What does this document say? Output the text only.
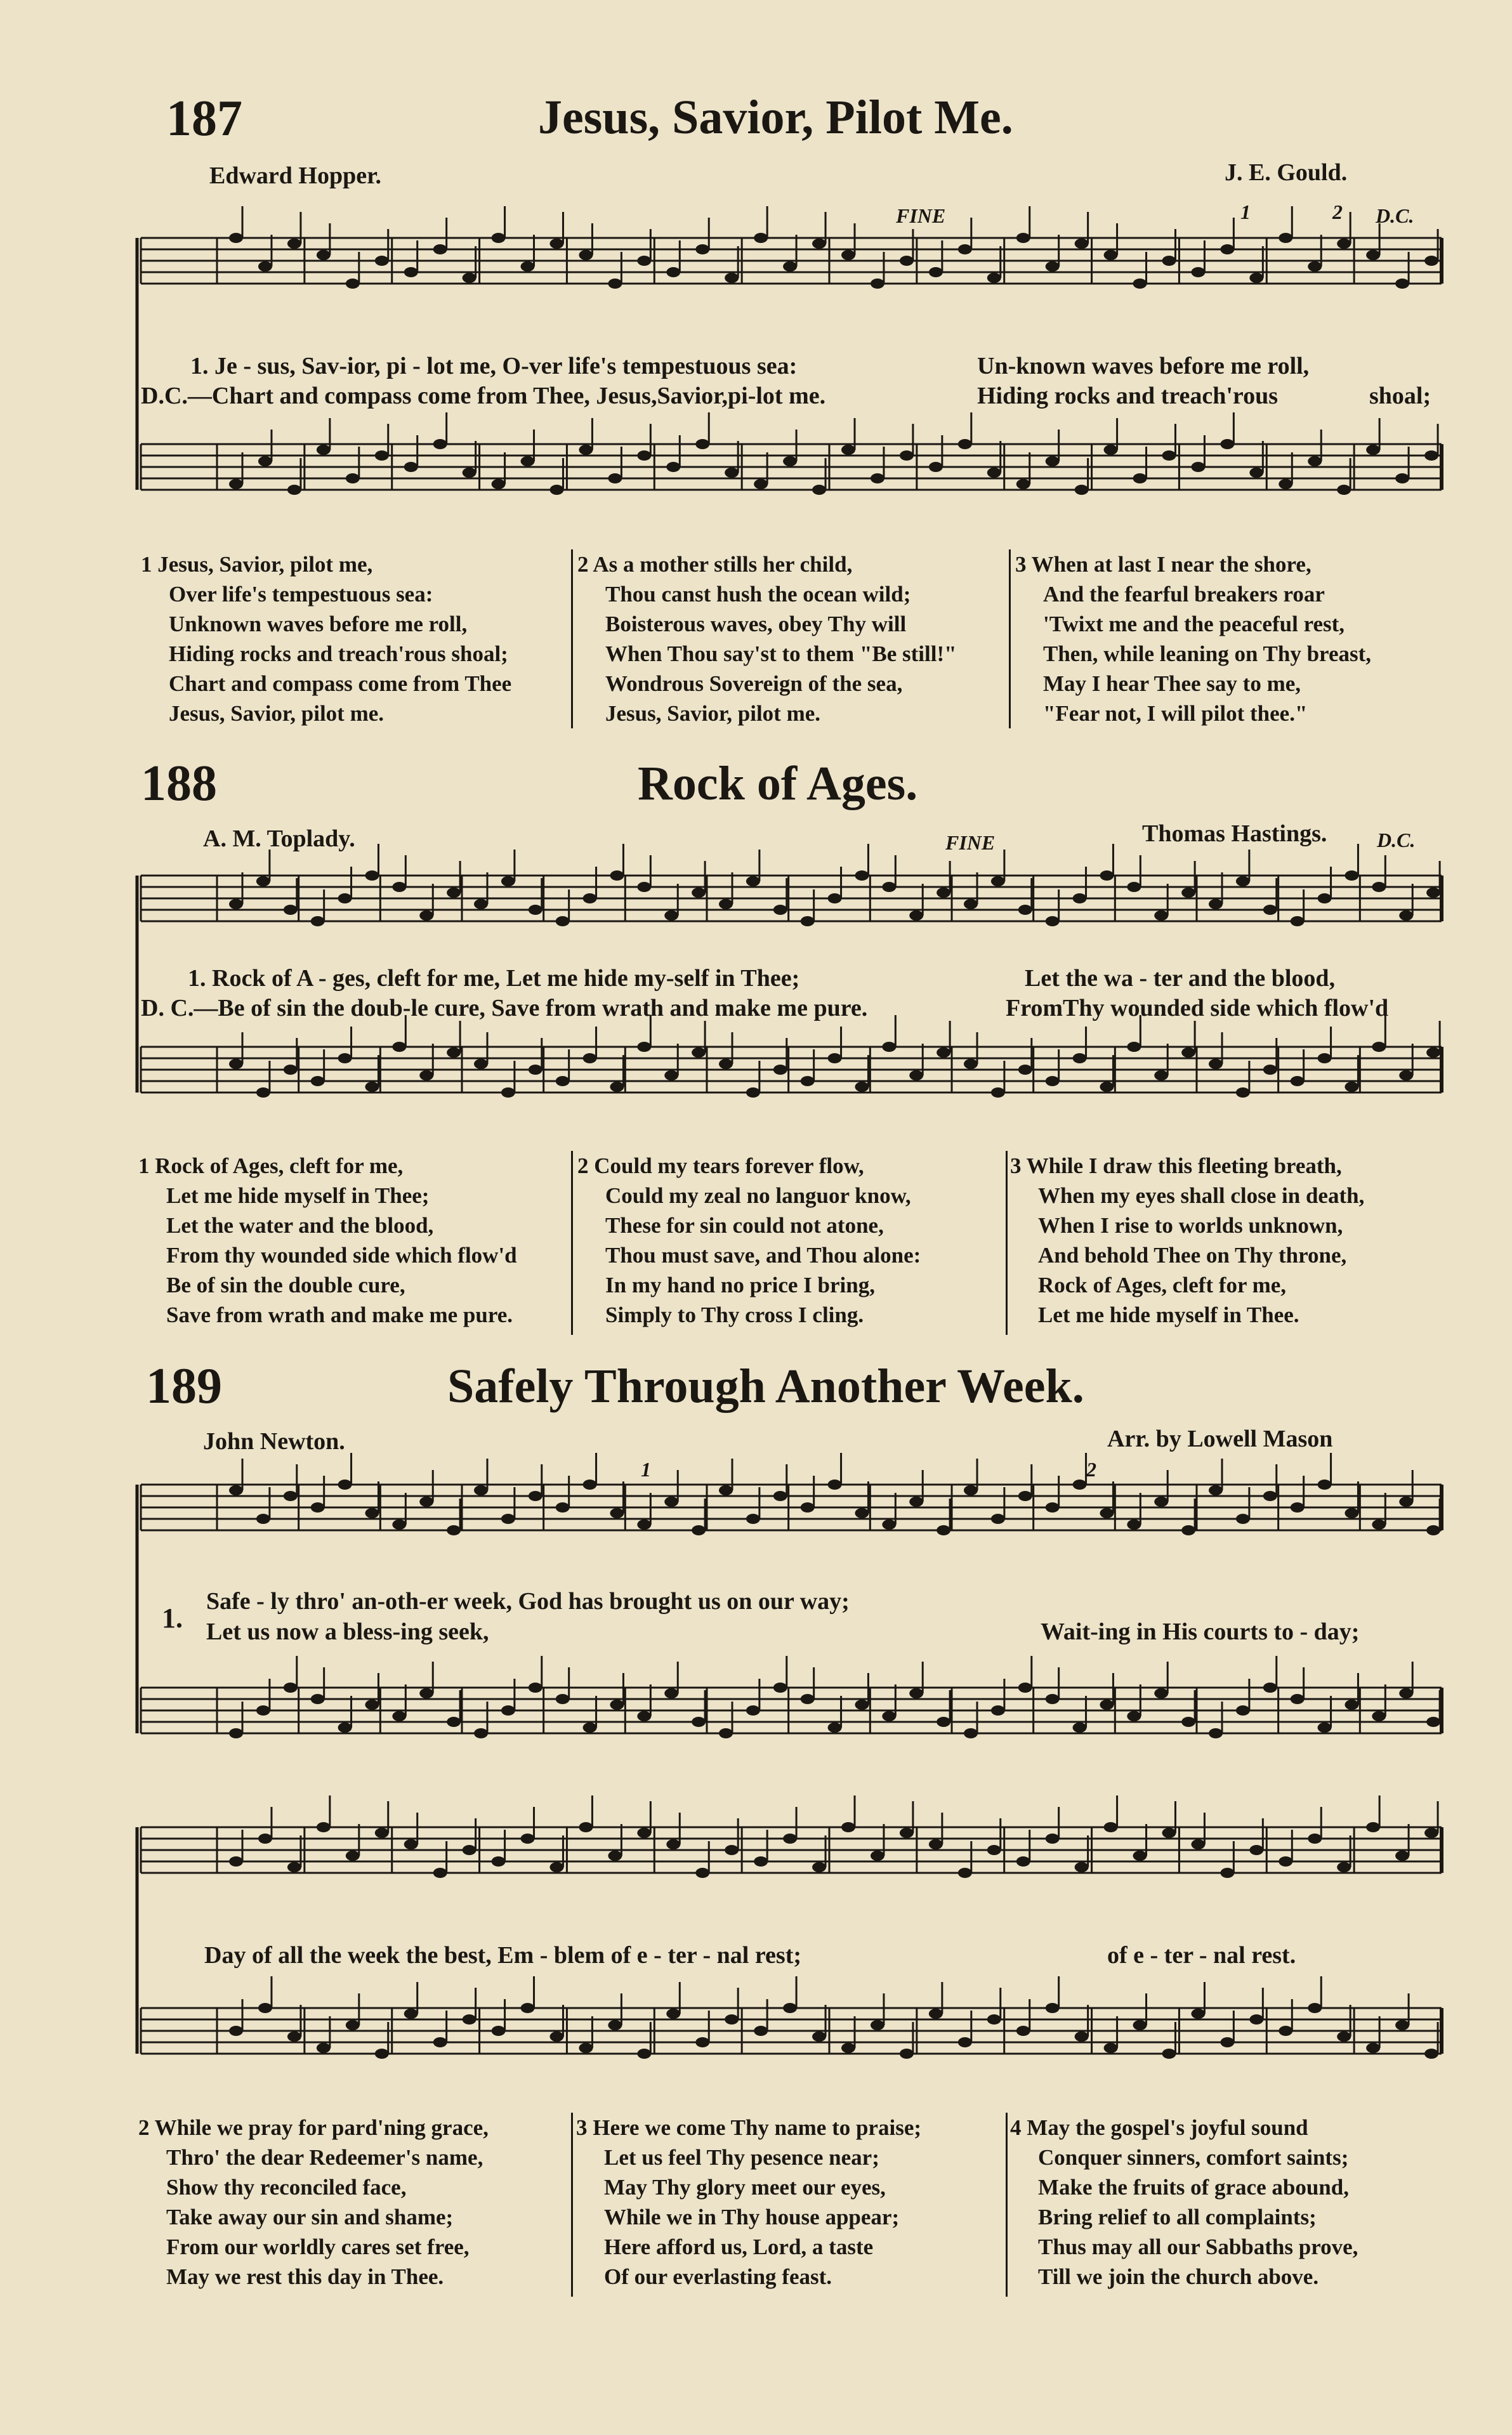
187	Jesus, Savior, Pilot Me.
Edward Hopper.	J. E. Gould.
FINE	1	2 D.C.
1. Je - sus, Sav-ior, pi - lot me, O-ver life's tempestuous sea:	Un-known waves before me roll,
D.C.—Chart and compass come from Thee, Jesus,Savior,pi-lot me.	Hiding rocks and treach'rous	shoal;
1 Jesus, Savior, pilot me,
Over life's tempestuous sea:
Unknown waves before me roll,
Hiding rocks and treach'rous shoal;
Chart and compass come from Thee
Jesus, Savior, pilot me.
2 As a mother stills her child,
Thou canst hush the ocean wild;
Boisterous waves, obey Thy will
When Thou say'st to them "Be still!"
Wondrous Sovereign of the sea,
Jesus, Savior, pilot me.
3 When at last I near the shore,
And the fearful breakers roar
'Twixt me and the peaceful rest,
Then, while leaning on Thy breast,
May I hear Thee say to me,
"Fear not, I will pilot thee."
188	Rock of Ages.
A. M. Toplady.	FINE	Thomas Hastings. D.C.
1. Rock of A - ges, cleft for me, Let me hide my-self in Thee;	Let the wa - ter and the blood,
D. C.—Be of sin the doub-le cure, Save from wrath and make me pure.	FromThy wounded side which flow'd
1 Rock of Ages, cleft for me,
Let me hide myself in Thee;
Let the water and the blood,
From thy wounded side which flow'd
Be of sin the double cure,
Save from wrath and make me pure.
2 Could my tears forever flow,
Could my zeal no languor know,
These for sin could not atone,
Thou must save, and Thou alone:
In my hand no price I bring,
Simply to Thy cross I cling.
3 While I draw this fleeting breath,
When my eyes shall close in death,
When I rise to worlds unknown,
And behold Thee on Thy throne,
Rock of Ages, cleft for me,
Let me hide myself in Thee.
189	Safely Through Another Week.
John Newton.	Arr. by Lowell Mason
1	2
1.
Safe - ly thro' an-oth-er week, God has brought us on our way;
Let us now a bless-ing seek,	Wait-ing in His courts to - day;
Day of all the week the best, Em - blem of e - ter - nal rest;	of e - ter - nal rest.
2 While we pray for pard'ning grace,
Thro' the dear Redeemer's name,
Show thy reconciled face,
Take away our sin and shame;
From our worldly cares set free,
May we rest this day in Thee.
3 Here we come Thy name to praise;
Let us feel Thy pesence near;
May Thy glory meet our eyes,
While we in Thy house appear;
Here afford us, Lord, a taste
Of our everlasting feast.
4 May the gospel's joyful sound
Conquer sinners, comfort saints;
Make the fruits of grace abound,
Bring relief to all complaints;
Thus may all our Sabbaths prove,
Till we join the church above.
